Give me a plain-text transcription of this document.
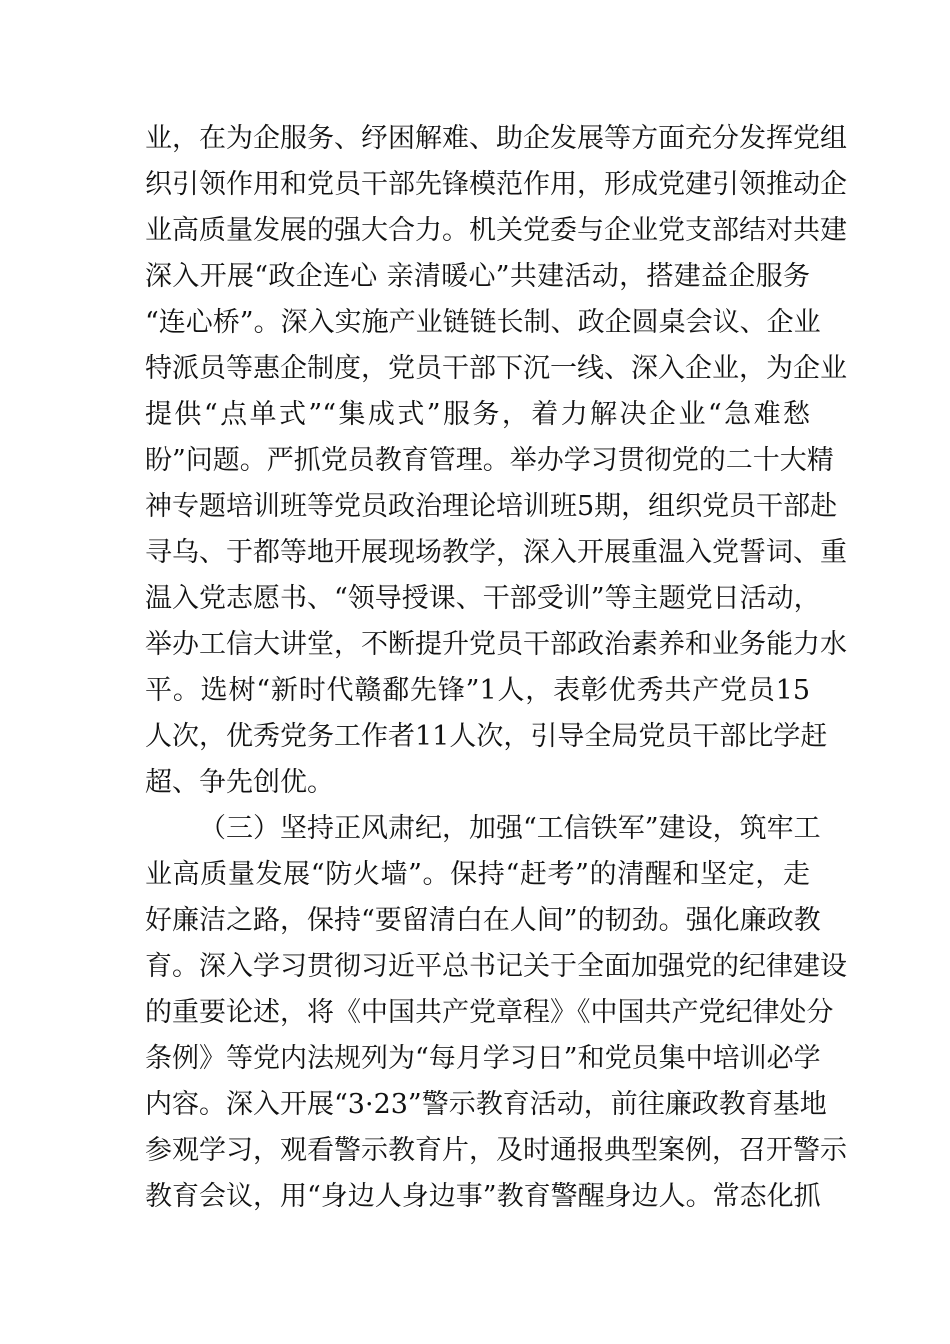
业，在为企服务、纾困解难、助企发展等方面充分发挥党组
织引领作用和党员干部先锋模范作用，形成党建引领推动企
业高质量发展的强大合力。机关党委与企业党支部结对共建
深入开展“政企连心 亲清暖心”共建活动，搭建益企服务
“连心桥”。深入实施产业链链长制、政企圆桌会议、企业
特派员等惠企制度，党员干部下沉一线、深入企业，为企业
提供“点单式”“集成式”服务，着力解决企业“急难愁
盼”问题。严抓党员教育管理。举办学习贯彻党的二十大精
神专题培训班等党员政治理论培训班5期，组织党员干部赴
寻乌、于都等地开展现场教学，深入开展重温入党誓词、重
温入党志愿书、“领导授课、干部受训”等主题党日活动，
举办工信大讲堂，不断提升党员干部政治素养和业务能力水
平。选树“新时代赣鄱先锋”1人，表彰优秀共产党员15
人次，优秀党务工作者11人次，引导全局党员干部比学赶
超、争先创优。
（三）坚持正风肃纪，加强“工信铁军”建设，筑牢工
业高质量发展“防火墙”。保持“赶考”的清醒和坚定，走
好廉洁之路，保持“要留清白在人间”的韧劲。强化廉政教
育。深入学习贯彻习近平总书记关于全面加强党的纪律建设
的重要论述，将《中国共产党章程》《中国共产党纪律处分
条例》等党内法规列为“每月学习日”和党员集中培训必学
内容。深入开展“3·23”警示教育活动，前往廉政教育基地
参观学习，观看警示教育片，及时通报典型案例，召开警示
教育会议，用“身边人身边事”教育警醒身边人。常态化抓
